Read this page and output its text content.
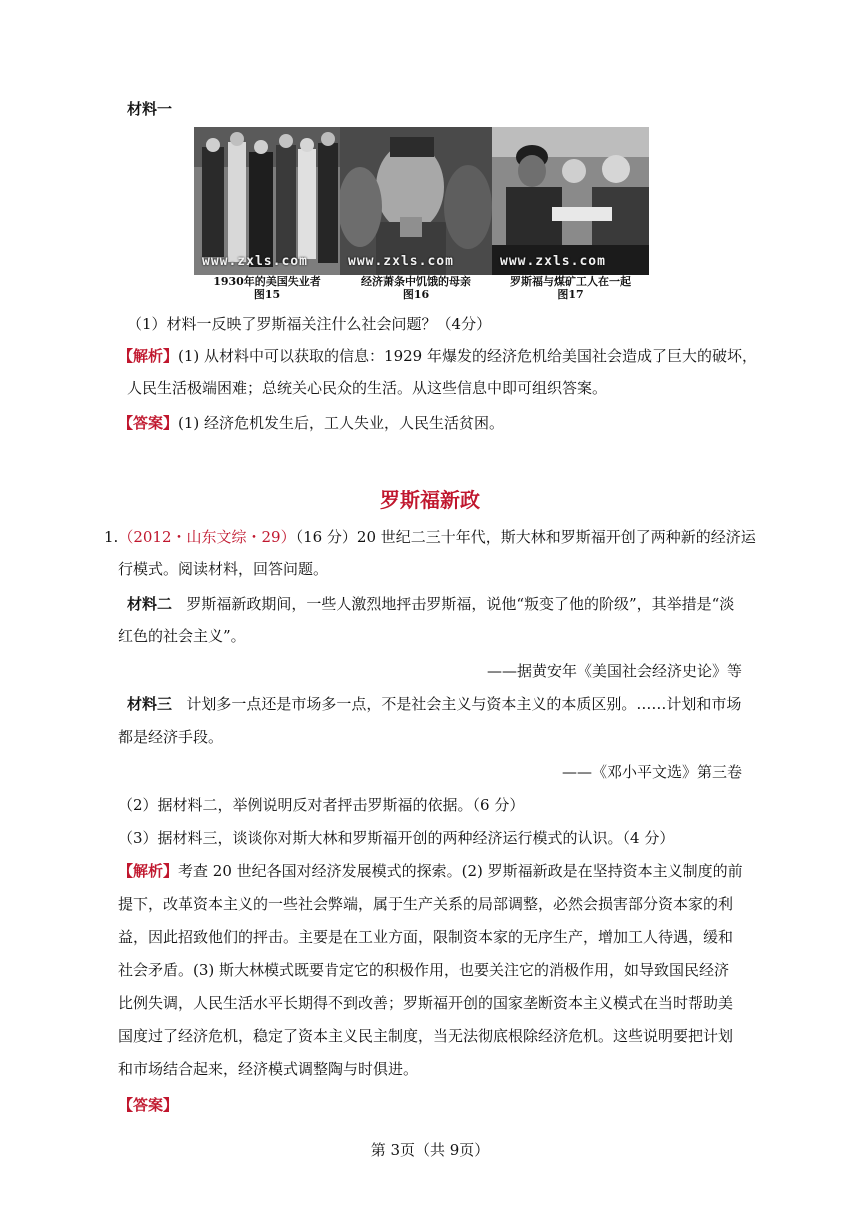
材料一
www.zxls.com	www.zxls.com	www.zxls.com
1930年的美国失业者
图15
经济萧条中饥饿的母亲
图16
罗斯福与煤矿工人在一起
图17
（1）材料一反映了罗斯福关注什么社会问题？（4分）
【解析】(1) 从材料中可以获取的信息：1929 年爆发的经济危机给美国社会造成了巨大的破坏，
人民生活极端困难；总统关心民众的生活。从这些信息中即可组织答案。
【答案】(1) 经济危机发生后，工人失业，人民生活贫困。
罗斯福新政
1.（2012・山东文综・29）（16 分）20 世纪二三十年代，斯大林和罗斯福开创了两种新的经济运
行模式。阅读材料，回答问题。
材料二 罗斯福新政期间，一些人激烈地抨击罗斯福，说他“叛变了他的阶级”，其举措是“淡
红色的社会主义”。
——据黄安年《美国社会经济史论》等
材料三 计划多一点还是市场多一点，不是社会主义与资本主义的本质区别。……计划和市场
都是经济手段。
——《邓小平文选》第三卷
（2）据材料二，举例说明反对者抨击罗斯福的依据。（6 分）
（3）据材料三，谈谈你对斯大林和罗斯福开创的两种经济运行模式的认识。（4 分）
【解析】考查 20 世纪各国对经济发展模式的探索。(2) 罗斯福新政是在坚持资本主义制度的前
提下，改革资本主义的一些社会弊端，属于生产关系的局部调整，必然会损害部分资本家的利
益，因此招致他们的抨击。主要是在工业方面，限制资本家的无序生产，增加工人待遇，缓和
社会矛盾。(3) 斯大林模式既要肯定它的积极作用，也要关注它的消极作用，如导致国民经济
比例失调，人民生活水平长期得不到改善；罗斯福开创的国家垄断资本主义模式在当时帮助美
国度过了经济危机，稳定了资本主义民主制度，当无法彻底根除经济危机。这些说明要把计划
和市场结合起来，经济模式调整陶与时俱进。
【答案】
第 3页（共 9页）
